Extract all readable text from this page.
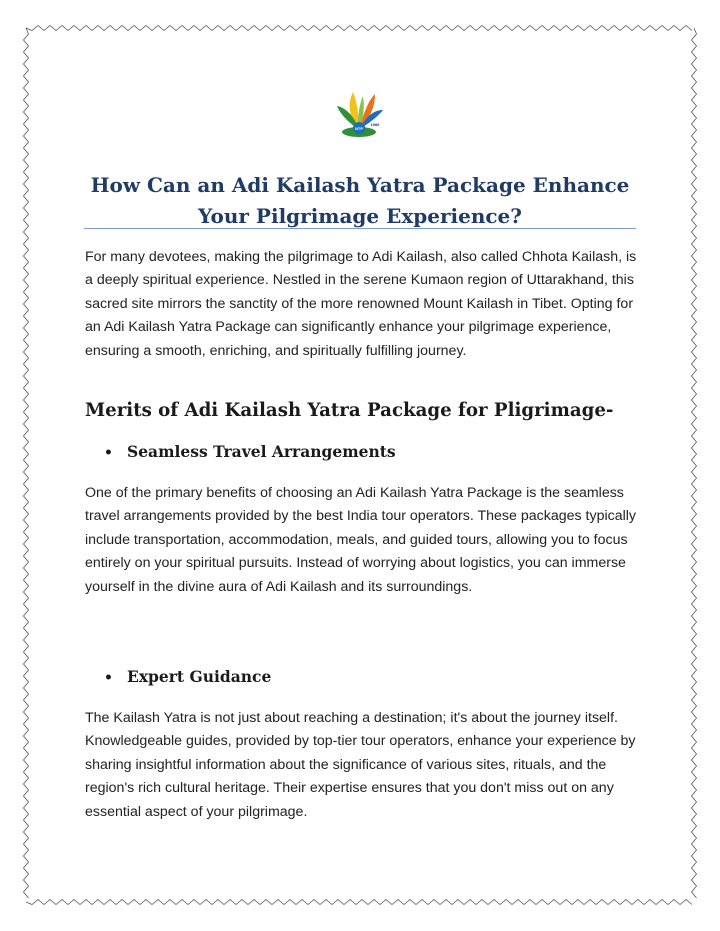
NTP
1986
How Can an Adi Kailash Yatra Package Enhance Your Pilgrimage Experience?

For many devotees, making the pilgrimage to Adi Kailash, also called Chhota Kailash, is a deeply spiritual experience. Nestled in the serene Kumaon region of Uttarakhand, this sacred site mirrors the sanctity of the more renowned Mount Kailash in Tibet. Opting for an Adi Kailash Yatra Package can significantly enhance your pilgrimage experience, ensuring a smooth, enriching, and spiritually fulfilling journey.

Merits of Adi Kailash Yatra Package for Pligrimage-

• Seamless Travel Arrangements

One of the primary benefits of choosing an Adi Kailash Yatra Package is the seamless travel arrangements provided by the best India tour operators. These packages typically include transportation, accommodation, meals, and guided tours, allowing you to focus entirely on your spiritual pursuits. Instead of worrying about logistics, you can immerse yourself in the divine aura of Adi Kailash and its surroundings.

• Expert Guidance

The Kailash Yatra is not just about reaching a destination; it's about the journey itself. Knowledgeable guides, provided by top-tier tour operators, enhance your experience by sharing insightful information about the significance of various sites, rituals, and the region's rich cultural heritage. Their expertise ensures that you don't miss out on any essential aspect of your pilgrimage.
